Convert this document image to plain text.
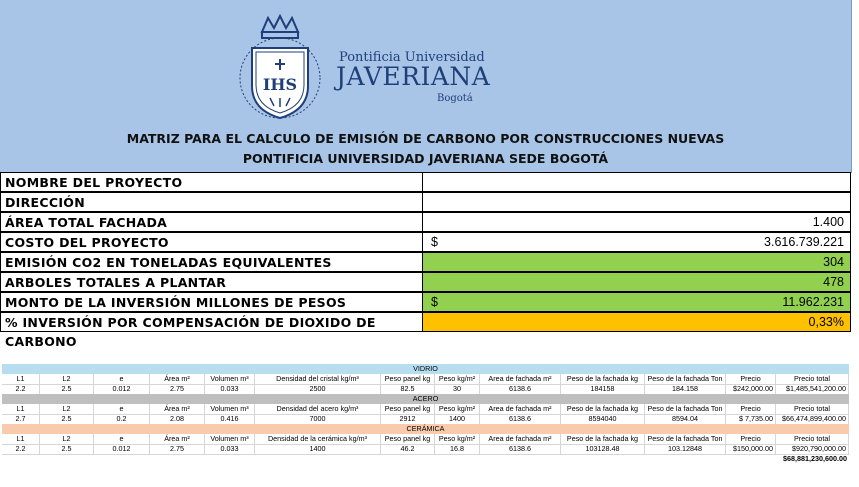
IHS
Pontificia Universidad
JAVERIANA
Bogotá
MATRIZ PARA EL CALCULO DE EMISIÓN DE CARBONO POR CONSTRUCCIONES NUEVAS
PONTIFICIA UNIVERSIDAD JAVERIANA SEDE BOGOTÁ
NOMBRE DEL PROYECTO
DIRECCIÓN
ÁREA TOTAL FACHADA	1.400
COSTO DEL PROYECTO	$	3.616.739.221
EMISIÓN CO2 EN TONELADAS EQUIVALENTES	304
ARBOLES TOTALES A PLANTAR	478
MONTO DE LA INVERSIÓN MILLONES DE PESOS	$	11.962.231
% INVERSIÓN POR COMPENSACIÓN DE DIOXIDO DE CARBONO
0,33%
VIDRIO
L1	L2	e	Área m²	Volumen m³	Densidad del cristal kg/m³	Peso panel kg	Peso kg/m²	Area de fachada m²	Peso de la fachada kg	Peso de la fachada Ton	Precio	Precio total
2.2	2.5	0.012	2.75	0.033	2500	82.5	30	6138.6	184158	184.158	$242,000.00	$1,485,541,200.00
ACERO
L1	L2	e	Área m²	Volumen m³	Densidad del acero kg/m³	Peso panel kg	Peso kg/m²	Area de fachada m²	Peso de la fachada kg	Peso de la fachada Ton	Precio	Precio total
2.7	2.5	0.2	2.08	0.416	7000	2912	1400	6138.6	8594040	8594.04	$ 7,735.00	$66,474,899,400.00
CERÁMICA
L1	L2	e	Área m²	Volumen m³	Densidad de la cerámica kg/m³	Peso panel kg	Peso kg/m²	Area de fachada m²	Peso de la fachada kg	Peso de la fachada Ton	Precio	Precio total
2.2	2.5	0.012	2.75	0.033	1400	46.2	16.8	6138.6	103128.48	103.12848	$150,000.00	$920,790,000.00
$68,881,230,600.00
